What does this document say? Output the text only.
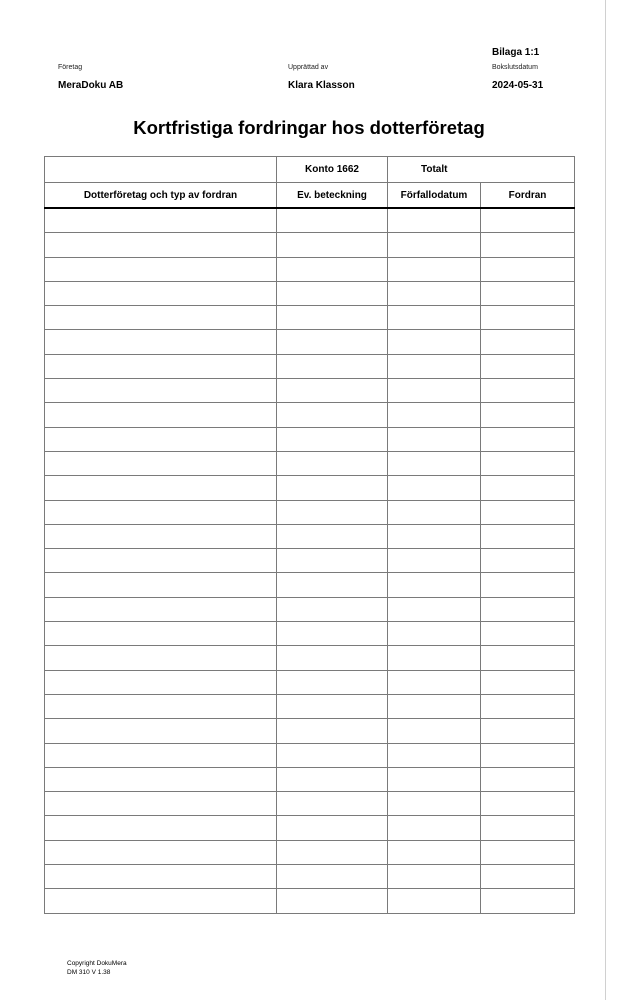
Bilaga 1:1
Företag
MeraDoku AB
Upprättad av
Klara Klasson
Bokslutsdatum
2024-05-31
Kortfristiga fordringar hos dotterföretag
	Konto 1662	Totalt	
Dotterföretag och typ av fordran	Ev. beteckning	Förfallodatum	Fordran

Copyright DokuMera
DM 310 V 1.38
